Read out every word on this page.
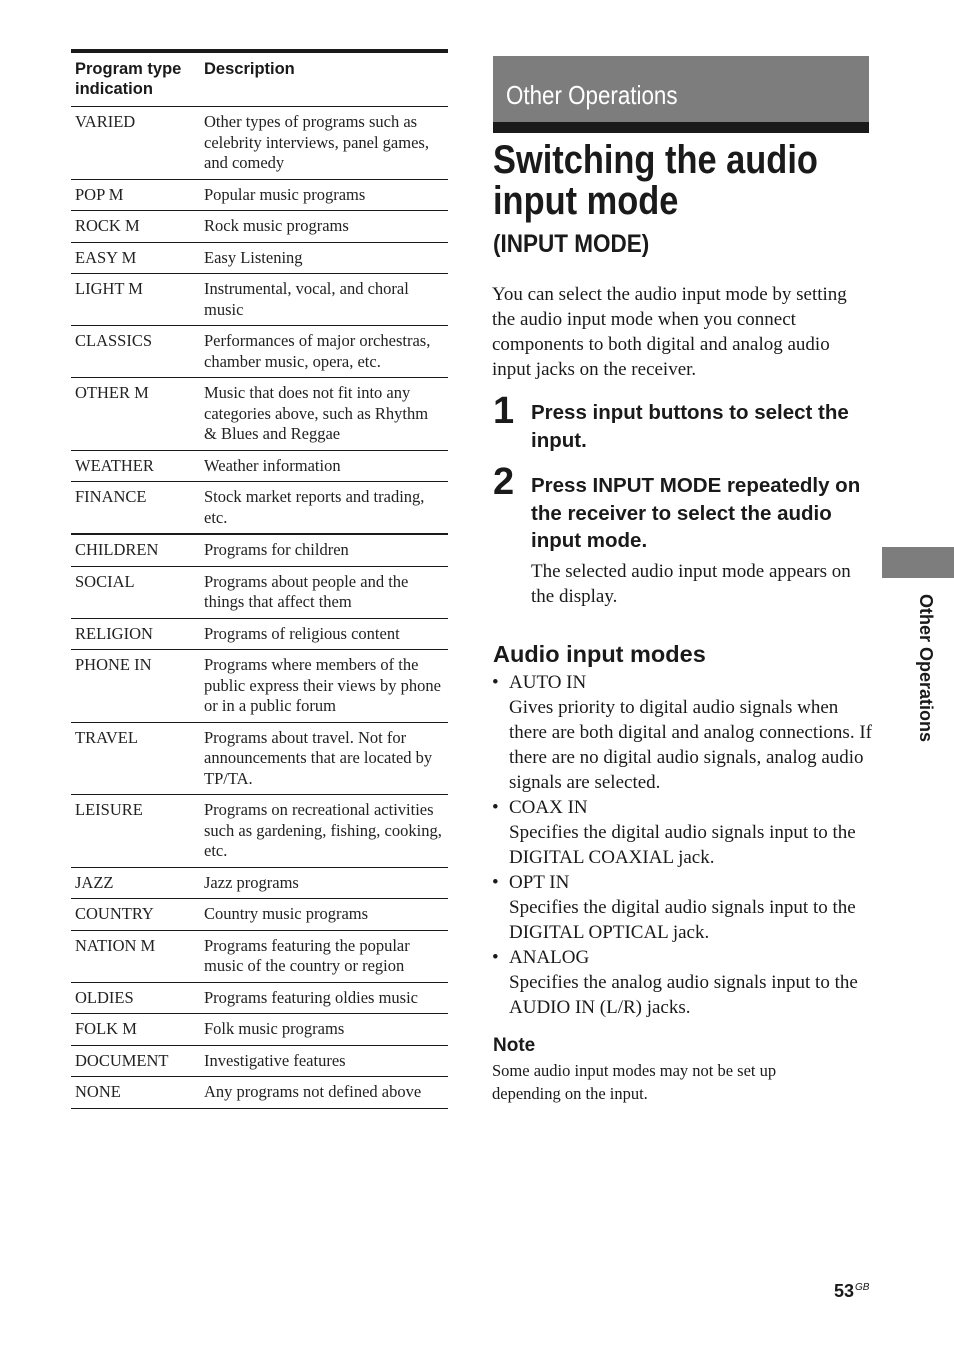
Program type indication	Description
VARIED	Other types of programs such as celebrity interviews, panel games, and comedy
POP M	Popular music programs
ROCK M	Rock music programs
EASY M	Easy Listening
LIGHT M	Instrumental, vocal, and choral music
CLASSICS	Performances of major orchestras, chamber music, opera, etc.
OTHER M	Music that does not fit into any categories above, such as Rhythm & Blues and Reggae
WEATHER	Weather information
FINANCE	Stock market reports and trading, etc.
CHILDREN	Programs for children
SOCIAL	Programs about people and the things that affect them
RELIGION	Programs of religious content
PHONE IN	Programs where members of the public express their views by phone or in a public forum
TRAVEL	Programs about travel. Not for announcements that are located by TP/TA.
LEISURE	Programs on recreational activities such as gardening, fishing, cooking, etc.
JAZZ	Jazz programs
COUNTRY	Country music programs
NATION M	Programs featuring the popular music of the country or region
OLDIES	Programs featuring oldies music
FOLK M	Folk music programs
DOCUMENT	Investigative features
NONE	Any programs not defined above
Other Operations
Switching the audio input mode
(INPUT MODE)

You can select the audio input mode by setting the audio input mode when you connect components to both digital and analog audio input jacks on the receiver.

1 Press input buttons to select the input.

2 Press INPUT MODE repeatedly on the receiver to select the audio input mode.

The selected audio input mode appears on the display.

Audio input modes
• AUTO IN
Gives priority to digital audio signals when there are both digital and analog connections. If there are no digital audio signals, analog audio signals are selected.
• COAX IN
Specifies the digital audio signals input to the DIGITAL COAXIAL jack.
• OPT IN
Specifies the digital audio signals input to the DIGITAL OPTICAL jack.
• ANALOG
Specifies the analog audio signals input to the AUDIO IN (L/R) jacks.
Note

Some audio input modes may not be set up depending on the input.

Other Operations
$53^{GB}$
